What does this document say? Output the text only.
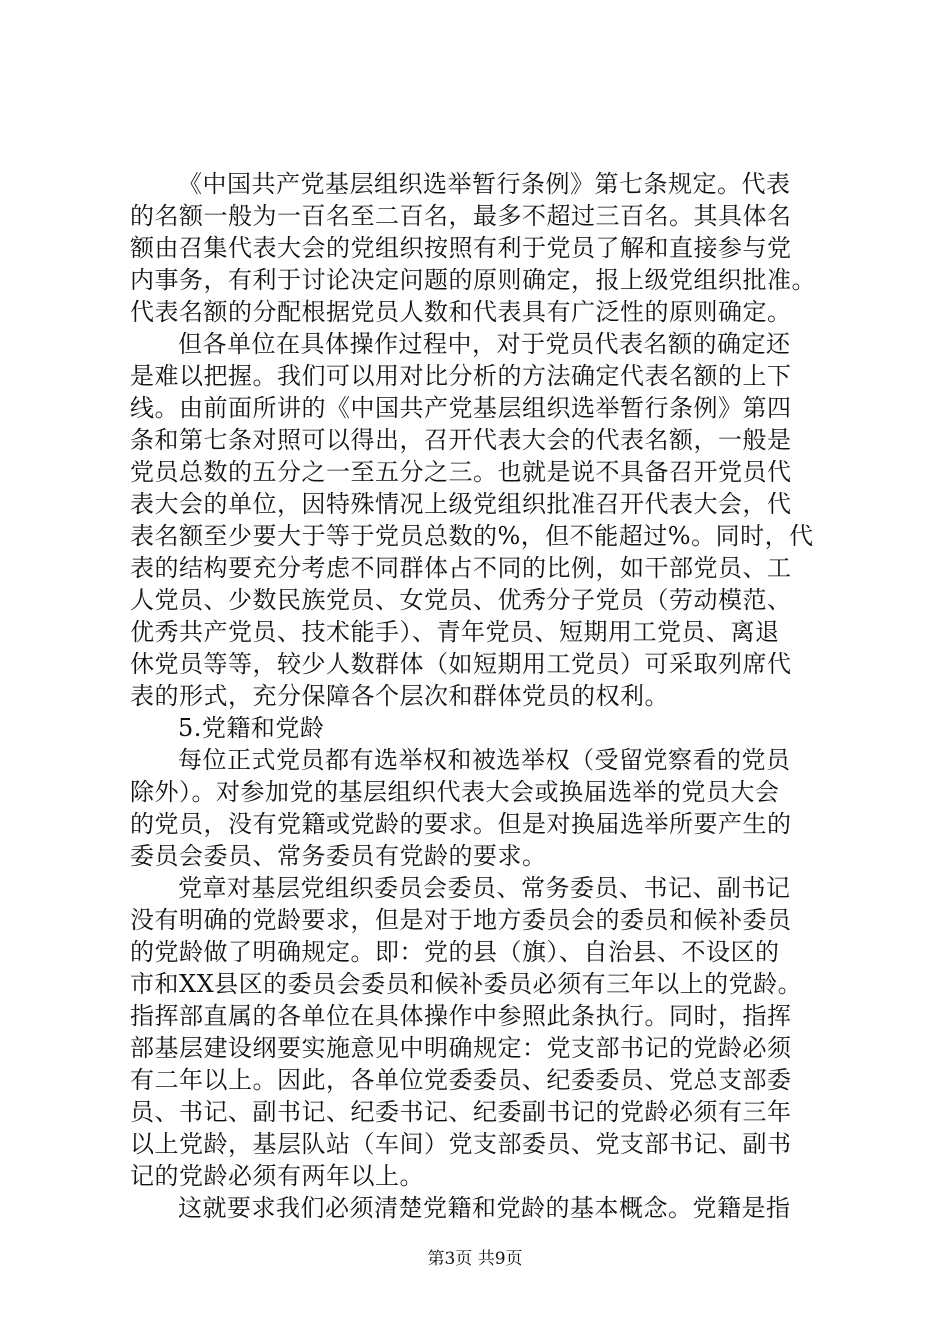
《中国共产党基层组织选举暂行条例》第七条规定。代表
的名额一般为一百名至二百名，最多不超过三百名。其具体名
额由召集代表大会的党组织按照有利于党员了解和直接参与党
内事务，有利于讨论决定问题的原则确定，报上级党组织批准。
代表名额的分配根据党员人数和代表具有广泛性的原则确定。
但各单位在具体操作过程中，对于党员代表名额的确定还
是难以把握。我们可以用对比分析的方法确定代表名额的上下
线。由前面所讲的《中国共产党基层组织选举暂行条例》第四
条和第七条对照可以得出，召开代表大会的代表名额，一般是
党员总数的五分之一至五分之三。也就是说不具备召开党员代
表大会的单位，因特殊情况上级党组织批准召开代表大会，代
表名额至少要大于等于党员总数的%，但不能超过%。同时，代
表的结构要充分考虑不同群体占不同的比例，如干部党员、工
人党员、少数民族党员、女党员、优秀分子党员（劳动模范、
优秀共产党员、技术能手）、青年党员、短期用工党员、离退
休党员等等，较少人数群体（如短期用工党员）可采取列席代
表的形式，充分保障各个层次和群体党员的权利。
5.党籍和党龄
每位正式党员都有选举权和被选举权（受留党察看的党员
除外）。对参加党的基层组织代表大会或换届选举的党员大会
的党员，没有党籍或党龄的要求。但是对换届选举所要产生的
委员会委员、常务委员有党龄的要求。
党章对基层党组织委员会委员、常务委员、书记、副书记
没有明确的党龄要求，但是对于地方委员会的委员和候补委员
的党龄做了明确规定。即：党的县（旗）、自治县、不设区的
市和XX县区的委员会委员和候补委员必须有三年以上的党龄。
指挥部直属的各单位在具体操作中参照此条执行。同时，指挥
部基层建设纲要实施意见中明确规定：党支部书记的党龄必须
有二年以上。因此，各单位党委委员、纪委委员、党总支部委
员、书记、副书记、纪委书记、纪委副书记的党龄必须有三年
以上党龄，基层队站（车间）党支部委员、党支部书记、副书
记的党龄必须有两年以上。
这就要求我们必须清楚党籍和党龄的基本概念。党籍是指
第3页 共9页
